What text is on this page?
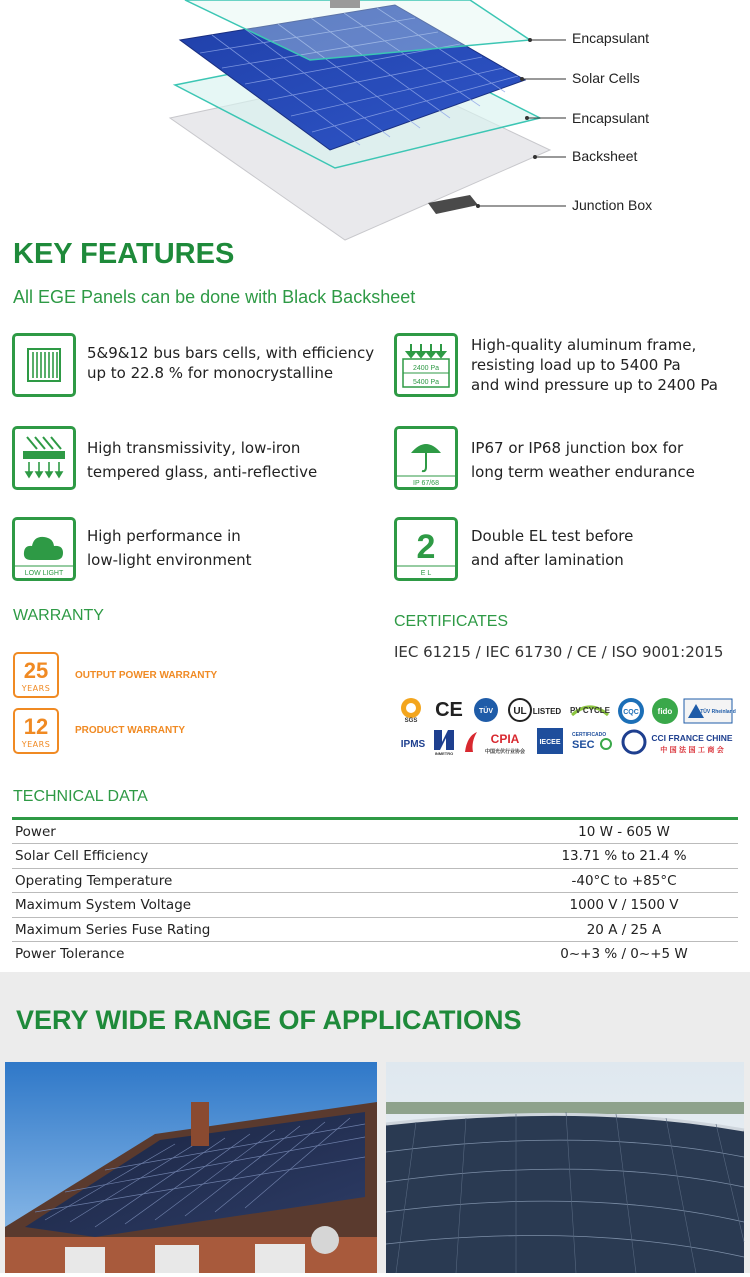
Encapsulant
Solar Cells
Encapsulant
Backsheet
Junction Box
KEY FEATURES
All EGE Panels can be done with Black Backsheet
5&9&12 bus bars cells, with efficiency
up to 22.8 % for monocrystalline	2400 Pa
5400 Pa
High-quality aluminum frame,
resisting load up to 5400 Pa
and wind pressure up to 2400 Pa
High transmissivity, low-iron
tempered glass, anti-reflective
IP 67/68
IP67 or IP68 junction box for
long term weather endurance
LOW LIGHT
High performance in
low-light environment	2
E L
Double EL test before
and after lamination
WARRANTY
25
YEARS
OUTPUT POWER WARRANTY
12
YEARS
PRODUCT WARRANTY
CERTIFICATES
IEC 61215 / IEC 61730 / CE / ISO 9001:2015
SGS
CE	TÜV UL LISTED PV CYCLE CQC fido	TÜV Rheinland
IPMS
INMETRO
CPIA
中国光伏行业协会
IECEE
CERTIFICADO
SEC
CCI FRANCE CHINE
中 国 法 国 工 商 会
TECHNICAL DATA
Power	10 W - 605 W
Solar Cell Efficiency	13.71 % to 21.4 %
Operating Temperature	-40°C to +85°C
Maximum System Voltage	1000 V / 1500 V
Maximum Series Fuse Rating	20 A / 25 A
Power Tolerance	0~+3 % / 0~+5 W
VERY WIDE RANGE OF APPLICATIONS
